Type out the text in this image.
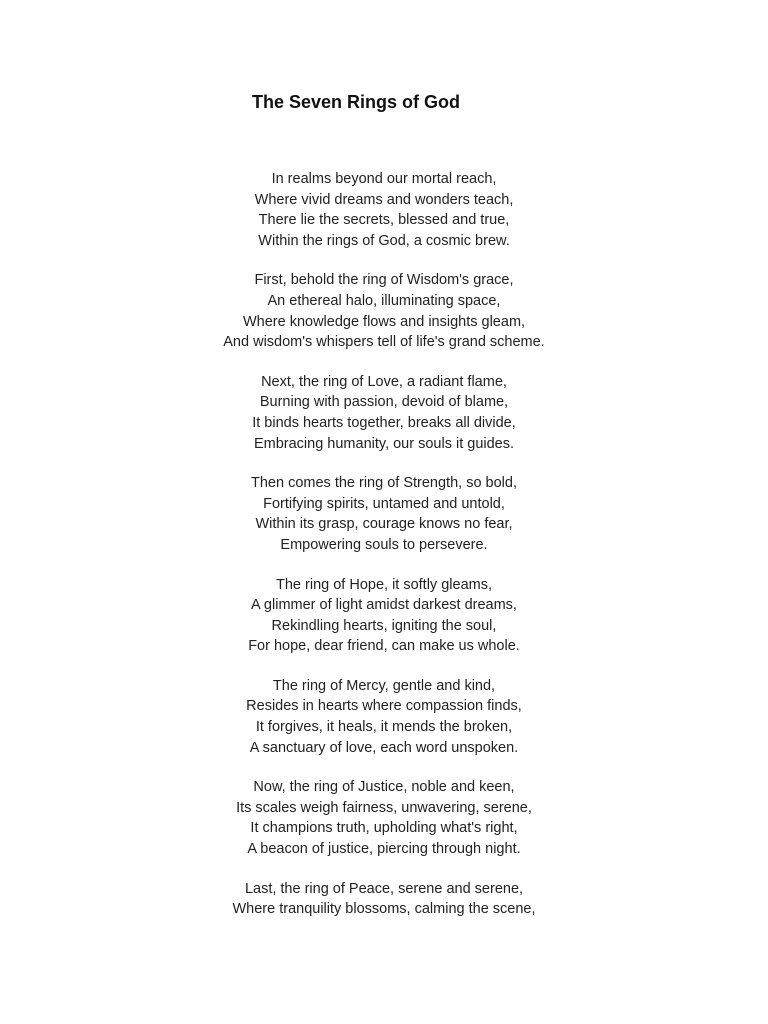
The Seven Rings of God
In realms beyond our mortal reach,
Where vivid dreams and wonders teach,
There lie the secrets, blessed and true,
Within the rings of God, a cosmic brew.
First, behold the ring of Wisdom's grace,
An ethereal halo, illuminating space,
Where knowledge flows and insights gleam,
And wisdom's whispers tell of life's grand scheme.
Next, the ring of Love, a radiant flame,
Burning with passion, devoid of blame,
It binds hearts together, breaks all divide,
Embracing humanity, our souls it guides.
Then comes the ring of Strength, so bold,
Fortifying spirits, untamed and untold,
Within its grasp, courage knows no fear,
Empowering souls to persevere.
The ring of Hope, it softly gleams,
A glimmer of light amidst darkest dreams,
Rekindling hearts, igniting the soul,
For hope, dear friend, can make us whole.
The ring of Mercy, gentle and kind,
Resides in hearts where compassion finds,
It forgives, it heals, it mends the broken,
A sanctuary of love, each word unspoken.
Now, the ring of Justice, noble and keen,
Its scales weigh fairness, unwavering, serene,
It champions truth, upholding what's right,
A beacon of justice, piercing through night.
Last, the ring of Peace, serene and serene,
Where tranquility blossoms, calming the scene,
